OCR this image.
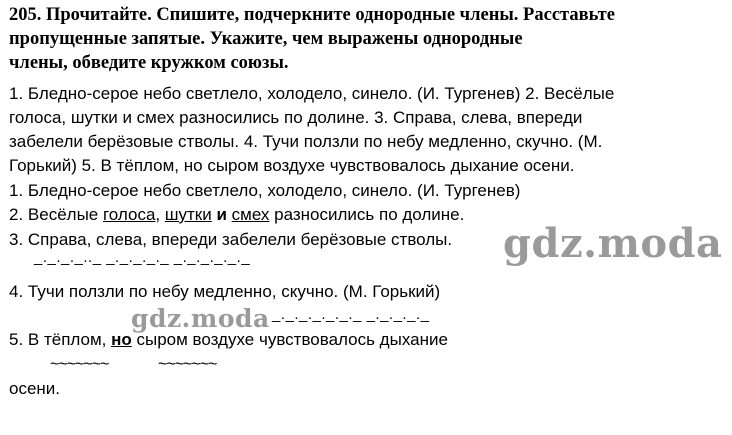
205. Прочитайте. Спишите, подчеркните однородные члены. Расставьте
пропущенные запятые. Укажите, чем выражены однородные
члены, обведите кружком союзы.
1. Бледно-серое небо светлело, холодело, синело. (И. Тургенев) 2. Весёлые
голоса, шутки и смех разносились по долине. 3. Справа, слева, впереди
забелели берёзовые стволы. 4. Тучи ползли по небу медленно, скучно. (М.
Горький) 5. В тёплом, но сыром воздухе чувствовалось дыхание осени.
1. Бледно-серое небо светлело, холодело, синело. (И. Тургенев)
2. Весёлые голоса, шутки и смех разносились по долине.
3. Справа, слева, впереди забелели берёзовые стволы.
_._._._.._ _._._._._ _._._._._._
4. Тучи ползли по небу медленно, скучно. (М. Горький)
_._._._._._._ _._._._._
5. В тёплом, но сыром воздухе чувствовалось дыхание
~~~~~~~	~~~~~~~
осени.
gdz.moda
gdz.moda
